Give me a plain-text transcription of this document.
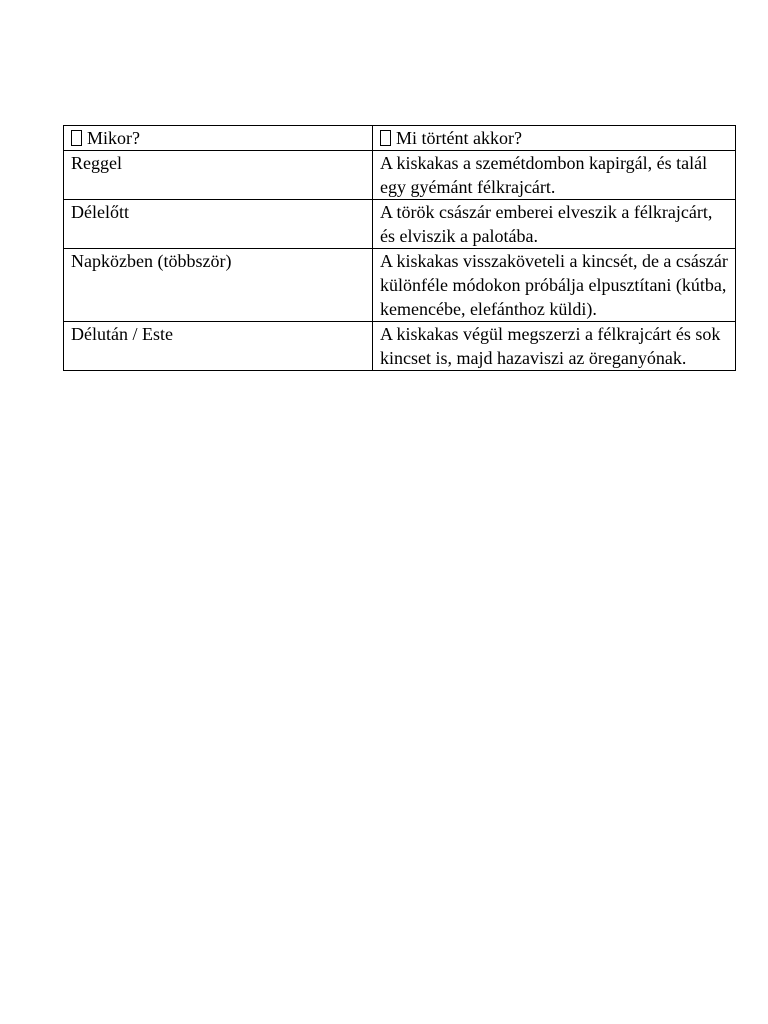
Mikor?	Mi történt akkor?
Reggel	A kiskakas a szemétdombon kapirgál, és talál egy gyémánt félkrajcárt.
Délelőtt	A török császár emberei elveszik a félkrajcárt, és elviszik a palotába.
Napközben (többször)	A kiskakas visszaköveteli a kincsét, de a császár különféle módokon próbálja elpusztítani (kútba, kemencébe, elefánthoz küldi).
Délután / Este	A kiskakas végül megszerzi a félkrajcárt és sok kincset is, majd hazaviszi az öreganyónak.
